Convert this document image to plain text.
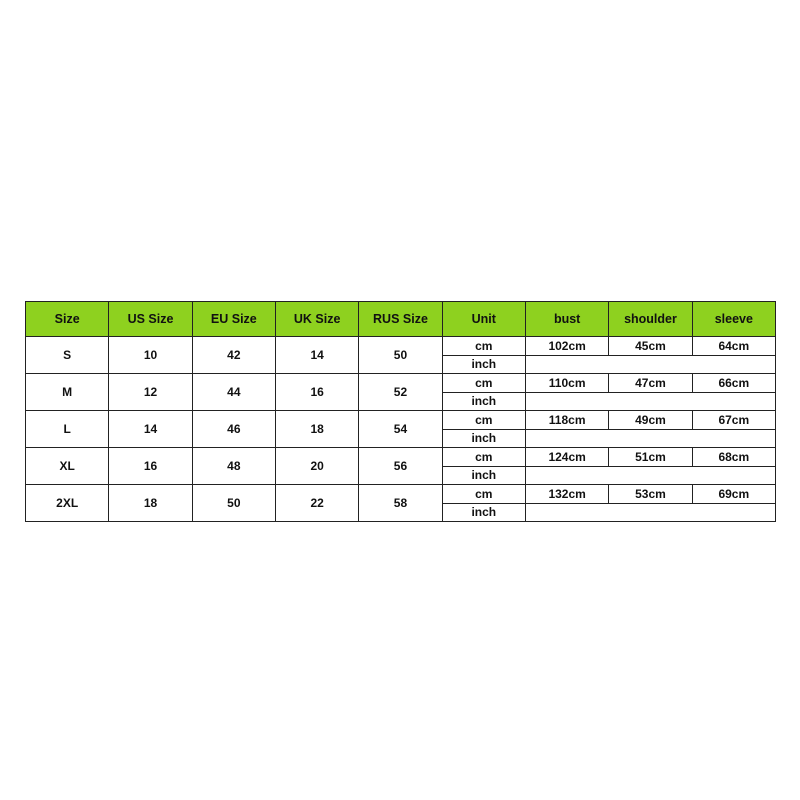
Size	US Size	EU Size	UK Size	RUS Size	Unit	bust	shoulder	sleeve
S	10	42	14	50	cm	102cm	45cm	64cm
					inch			
M	12	44	16	52	cm	110cm	47cm	66cm
					inch			
L	14	46	18	54	cm	118cm	49cm	67cm
					inch			
XL	16	48	20	56	cm	124cm	51cm	68cm
					inch			
2XL	18	50	22	58	cm	132cm	53cm	69cm
					inch			
